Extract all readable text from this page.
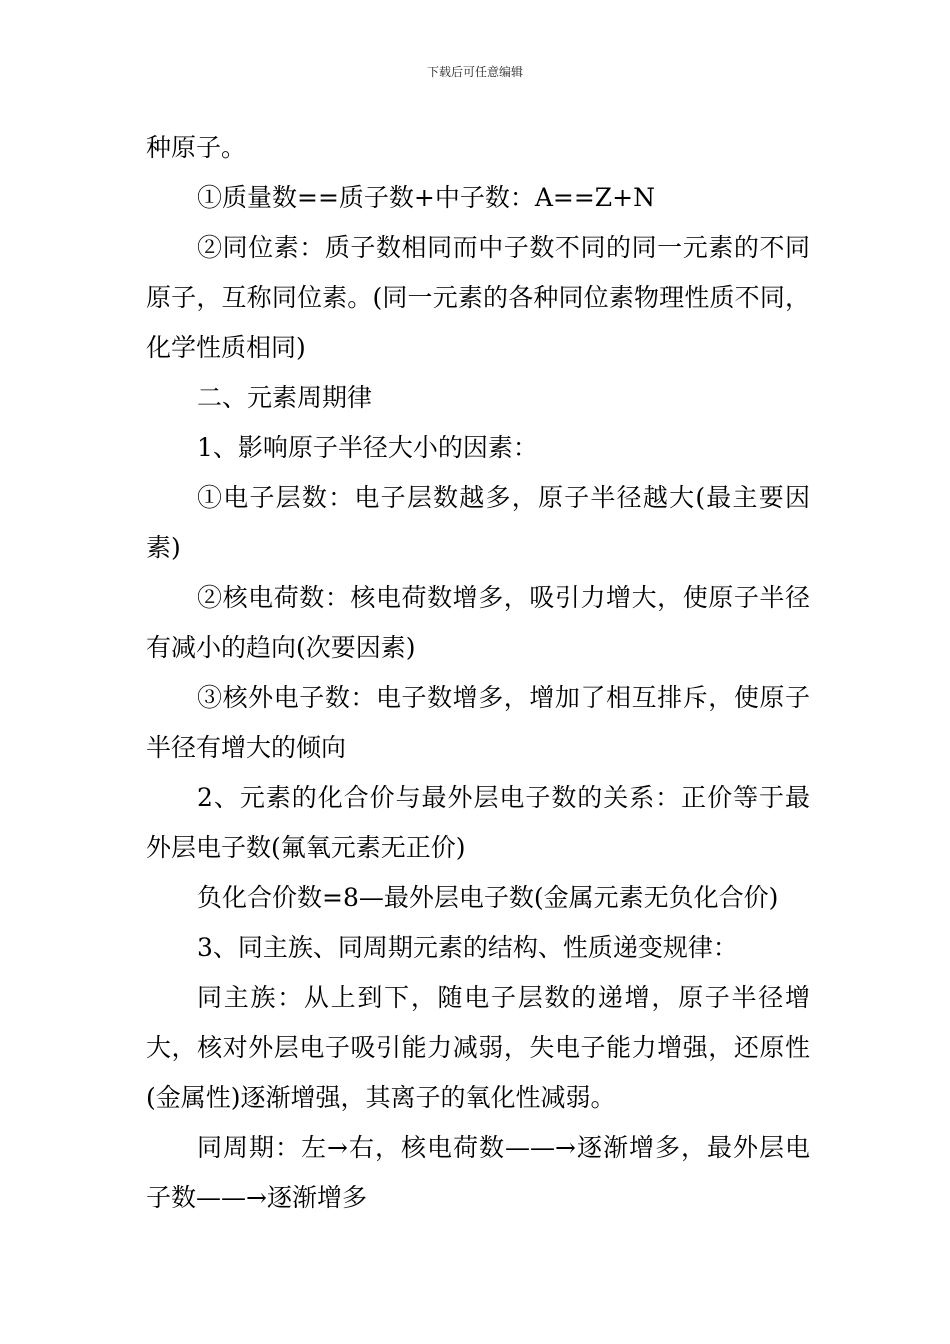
下载后可任意编辑

种原子。

①质量数==质子数+中子数：A==Z+N

②同位素：质子数相同而中子数不同的同一元素的不同原子，互称同位素。(同一元素的各种同位素物理性质不同，化学性质相同)

二、元素周期律

1、影响原子半径大小的因素：

①电子层数：电子层数越多，原子半径越大(最主要因素)

②核电荷数：核电荷数增多，吸引力增大，使原子半径有减小的趋向(次要因素)

③核外电子数：电子数增多，增加了相互排斥，使原子半径有增大的倾向

2、元素的化合价与最外层电子数的关系：正价等于最外层电子数(氟氧元素无正价)

负化合价数=8—最外层电子数(金属元素无负化合价)

3、同主族、同周期元素的结构、性质递变规律：

同主族：从上到下，随电子层数的递增，原子半径增大，核对外层电子吸引能力减弱，失电子能力增强，还原性(金属性)逐渐增强，其离子的氧化性减弱。

同周期：左→右，核电荷数——→逐渐增多，最外层电子数——→逐渐增多
